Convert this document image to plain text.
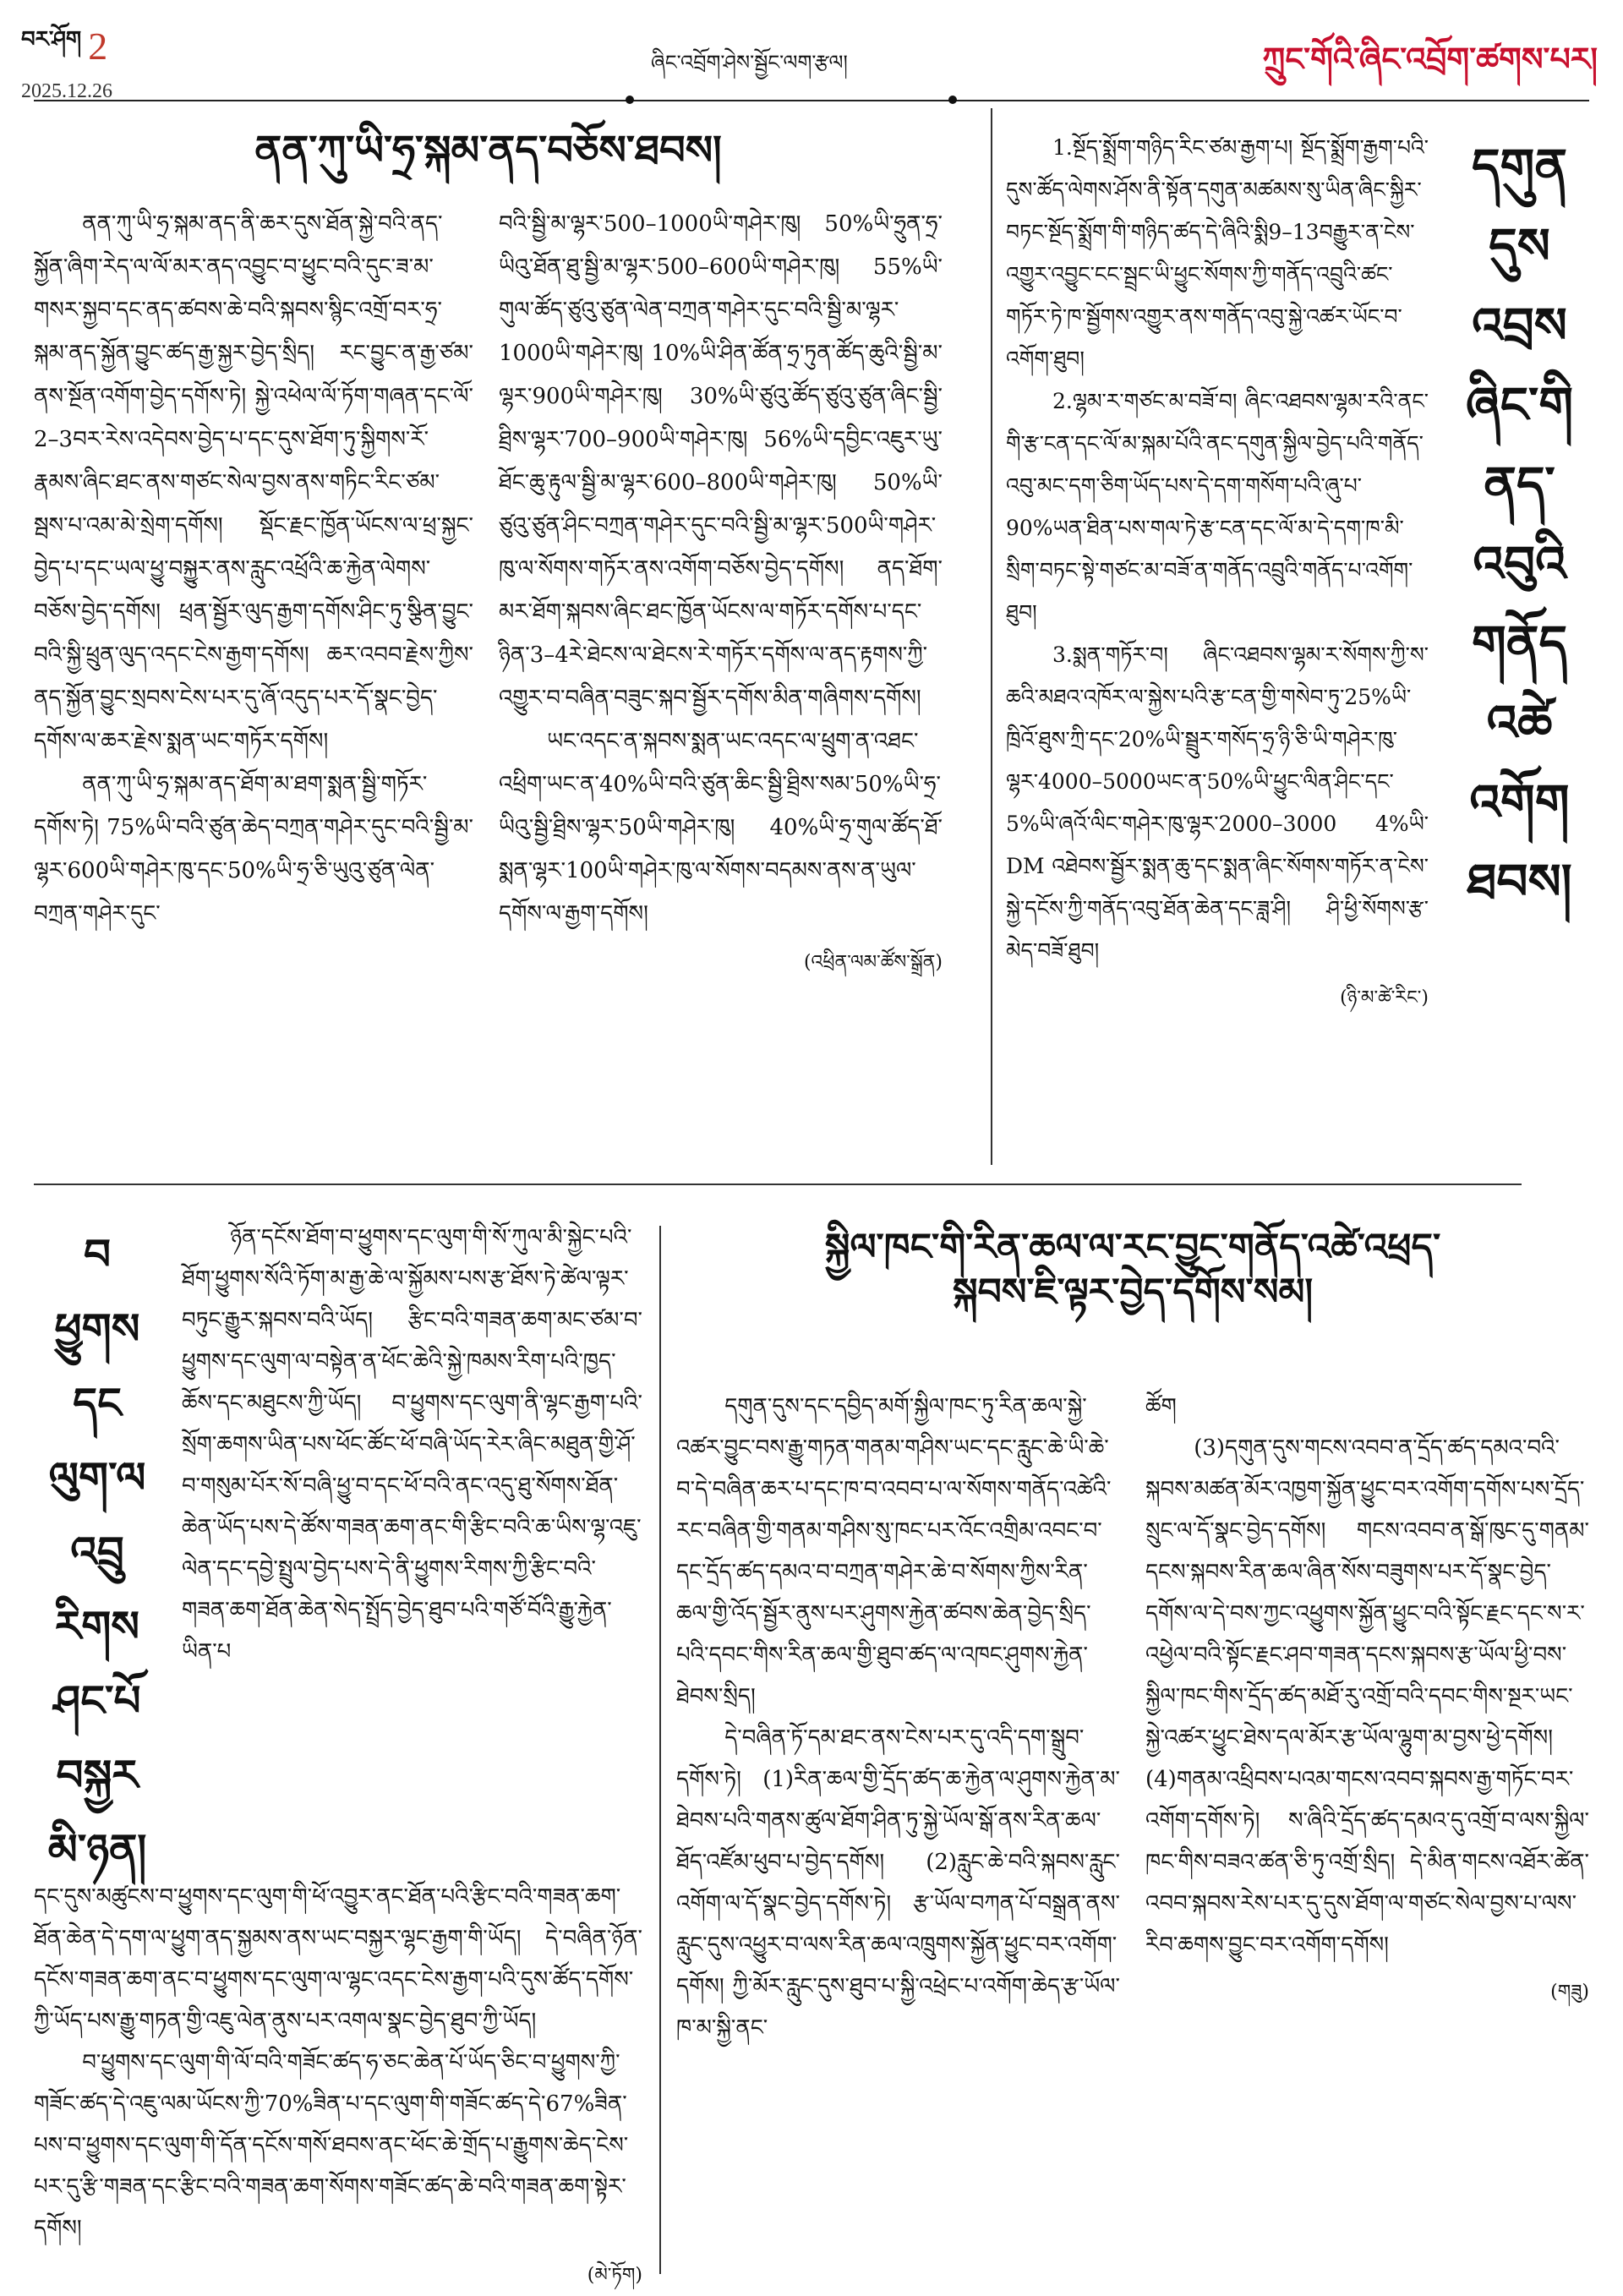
བར་ཤོག 2
2025.12.26
ཞིང་འབྲོག་ཤེས་སྦྱོང་ལག་རྩལ།	ཀྲུང་གོའི་ཞིང་འབྲོག་ཚགས་པར།
ནན་ཀུ་ཡི་ཧྲ་སྐམ་ནད་བཅོས་ཐབས།

ནན་ཀུ་ཡི་ཧྲ་སྐམ་ནད་ནི་ཆར་དུས་ཐོན་སྐྱེ་བའི་ནད་སྐྱོན་ཞིག་རེད་ལ་ལོ་མར་ནད་འབྱུང་བ་ཕྱུང་བའི་དུང་ཟ་མ་གསར་སྐྱབ་དང་ནད་ཚབས་ཆེ་བའི་སྐབས་སྙིང་འགྲོ་བར་ཧྲ་སྐམ་ནད་སྐྱོན་བྱུང་ཚད་རྒྱ་སྐྱར་བྱེད་སྲིད། རང་བྱུང་ན་རྒྱ་ཙམ་ནས་སྔོན་འགོག་བྱེད་དགོས་ཏེ། སྐྱེ་འཕེལ་ལོ་ཏོག་གཞན་དང་ལོ་2–3བར་རེས་འདེབས་བྱེད་པ་དང་དུས་ཐོག་ཏུ་སྐྱིགས་རོ་རྣམས་ཞིང་ཐང་ནས་གཙང་སེལ་བྱས་ནས་གཏིང་རིང་ཙམ་སྦས་པ་འམ་མེ་སྲེག་དགོས། སྡོང་རྗང་ཁྱོན་ཡོངས་ལ་ཕྲ་སྐྱང་བྱེད་པ་དང་ཡལ་ཕྱུ་བསྐྱུར་ནས་རླུང་འཕྲོའི་ཆ་རྐྱེན་ལེགས་བཅོས་བྱེད་དགོས། ཕྲན་སྦྱོར་ལུད་རྒྱག་དགོས་ཤིང་ཏུ་སྩིན་བྱུང་བའི་སྐྱི་ཕྲུན་ལུད་འདང་ངེས་རྒྱག་དགོས། ཆར་འབབ་རྗེས་ཀྱིས་ནད་སྐྱོན་བྱུང་སྲབས་ངེས་པར་དུ་ཞོ་འདུད་པར་དོ་སྣང་བྱེད་དགོས་ལ་ཆར་རྗེས་སྨན་ཡང་གཏོར་དགོས།

ནན་ཀུ་ཡི་ཧྲ་སྐམ་ནད་ཐོག་མ་ཐག་སྨན་སྦྱི་གཏོར་དགོས་ཏེ། 75%ཡི་བའི་ཙུན་ཆེད་བཀྲན་གཤེར་དུང་བའི་སྦྱི་མ་ལྷར་600ཡི་གཤེར་ཁུ་དང་50%ཡི་ཧྲ་ཅི་ཡུའུ་ཙུན་ལེན་བཀྲན་གཤེར་དུང་

བའི་སྦྱི་མ་ལྷར་500–1000ཡི་གཤེར་ཁུ། 50%ཡི་ཧྲུན་ཧྲ་ཡིའུ་ཐོན་ཐུ་སྦྱི་མ་ལྷར་500–600ཡི་གཤེར་ཁུ། 55%ཡི་གུལ་ཚོད་ཙུའུ་ཙུན་ལེན་བཀྲན་གཤེར་དུང་བའི་སྦྱི་མ་ལྷར་1000ཡི་གཤེར་ཁུ། 10%ཡི་ཤིན་ཚོན་ཧྲ་ཏུན་ཚོད་ཆུའི་སྦྱི་མ་ལྷར་900ཡི་གཤེར་ཁུ། 30%ཡི་ཙུའུ་ཚོད་ཙུའུ་ཙུན་ཞིང་སྦྱི་ཐྲིས་ལྷར་700–900ཡི་གཤེར་ཁུ། 56%ཡི་དབྱིང་འཇུར་ཡུ་ཐོང་ཆུ་རྟུལ་སྦྱི་མ་ལྷར་600–800ཡི་གཤེར་ཁུ། 50%ཡི་ཙུའུ་ཙུན་ཤིང་བཀྲན་གཤེར་དུང་བའི་སྦྱི་མ་ལྷར་500ཡི་གཤེར་ཁུ་ལ་སོགས་གཏོར་ནས་འགོག་བཅོས་བྱེད་དགོས། ནད་ཐོག་མར་ཐོག་སྐབས་ཞིང་ཐང་ཁྱོན་ཡོངས་ལ་གཏོར་དགོས་པ་དང་ཉིན་3–4རེ་ཐེངས་ལ་ཐེངས་རེ་གཏོར་དགོས་ལ་ནད་རྟགས་ཀྱི་འགྱུར་བ་བཞིན་བཟུང་སྐབ་སྦྱོར་དགོས་མིན་གཞིགས་དགོས།

ཡང་འདང་ན་སྐབས་སྨན་ཡང་འདང་ལ་ཕྲུག་ན་འཐང་འཕྲིག་ཡང་ན་40%ཡི་བའི་ཙུན་ཆིང་སྦྱི་ཐྲིས་སམ་50%ཡི་ཧྲ་ཡིའུ་སྦྱི་ཐྲིས་ལྷར་50ཡི་གཤེར་ཁུ། 40%ཡི་ཧྲ་གུལ་ཚོད་ཐོ་སྨན་ལྷར་100ཡི་གཤེར་ཁུ་ལ་སོགས་བདམས་ནས་ན་ཡུལ་དགོས་ལ་རྒྱག་དགོས།

(འཕྲིན་ལམ་ཚོས་སྒྲོན)

1.སྔོད་སྨྲོག་གཉིད་རིང་ཙམ་རྒྱག་པ། སྔོད་སྨྲོག་རྒྱག་པའི་དུས་ཚོད་ལེགས་ཤོས་ནི་སྟོན་དགུན་མཚམས་སུ་ཡིན་ཞིང་སྐྱིར་བཏང་སྔོད་སྨྲོག་གི་གཉིད་ཚད་དེ་ཞིའི་སྨི9–13བརྒྱུར་ན་ངེས་འགྱུར་འབྱུང་ངང་སྦྲང་ཡི་ཕྱུང་སོགས་ཀྱི་གནོད་འབྲུའི་ཚང་གཏོར་ཏེ་ཁ་སྦྱོགས་འགྱུར་ནས་གནོད་འབུ་སྐྱེ་འཚར་ཡོང་བ་འགོག་ཐུབ།

2.ལྷམ་ར་གཙང་མ་བཟོ་བ། ཞིང་འཐབས་ལྷམ་རའི་ནང་གི་རྩ་ངན་དང་ལོ་མ་སྐམ་པོའི་ནང་དགུན་སྐྱིལ་བྱེད་པའི་གནོད་འབུ་མང་དག་ཅིག་ཡོད་པས་དེ་དག་གསོག་པའི་ཞུ་པ་90%ཡན་ཐིན་པས་གལ་ཏེ་རྩ་ངན་དང་ལོ་མ་དེ་དག་ཁ་མི་སྲིག་བཏང་སྟེ་གཙང་མ་བཟོ་ན་གནོད་འབྲུའི་གནོད་པ་འགོག་ཐུབ།

3.སྨན་གཏོར་བ། ཞིང་འཐབས་ལྷམ་ར་སོགས་ཀྱི་ས་ཆའི་མཐའ་འཁོར་ལ་སྐྱེས་པའི་རྩ་ངན་གྱི་གསེབ་ཏུ་25%ཡི་ཁྲིའོ་ཐུས་ཀྲི་དང་20%ཡི་སྦྲུར་གསོད་ཧྲ་ཉི་ཅི་ཡི་གཤེར་ཁུ་ལྷར་4000–5000ཡང་ན་50%ཡི་ཕྱུང་ལིན་ཤིང་དང་5%ཡི་ཞའོ་ལིང་གཤེར་ཁུ་ལྷར་2000–3000 4%ཡི་DM འཐེབས་སྦྱོར་སྨན་ཆུ་དང་སྨན་ཞིང་སོགས་གཏོར་ན་ངེས་སྐྱེ་དངོས་ཀྱི་གནོད་འབུ་ཐོན་ཆེན་དང་ཟླ་ཤི། ཤི་ཕྱི་སོགས་རྩ་མེད་བཟོ་ཐུབ།

(ཉི་མ་ཚེ་རིང་)
དགུན
དུས
འབྲས
ཞིང་གི
ནད་འབུའི
གནོད
འཚེ
འགོག
ཐབས།
བ
ཕྱུགས
དང
ལུག་ལ
འབྲུ
རིགས
ཤང་པོ
བསྐྱར
མི་ཉན།

ཉོན་དངོས་ཐོག་བ་ཕྱུགས་དང་ལུག་གི་སོ་ཀུལ་མི་སྐྱེང་པའི་ཐོག་ཕྱུགས་སོའི་ཏོག་མ་རྒྱ་ཆེ་ལ་སྐྱོམས་པས་རྩ་ཐོས་ཏེ་ཚེལ་ལྟར་བཏུང་རྒྱུར་སྐབས་བའི་ཡོད། རྩིང་བའི་གཟན་ཆག་མང་ཙམ་བ་ཕྱུགས་དང་ལུག་ལ་བསྟེན་ན་ཕོང་ཆེའི་སྐྱེ་ཁམས་རིག་པའི་ཁྱད་ཆོས་དང་མཐུངས་ཀྱི་ཡོད། བ་ཕྱུགས་དང་ལུག་ནི་ལྷང་རྒྱག་པའི་སྲོག་ཆགས་ཡིན་པས་ཕོང་ཚོང་ཕོ་བཞི་ཡོད་རེར་ཞིང་མཐུན་གྱི་ཤོ་བ་གསུམ་པོར་སོ་བཞི་ཕྱུ་བ་དང་ཕོ་བའི་ནང་འདུ་ཐུ་སོགས་ཐོན་ཆེན་ཡོད་པས་དེ་ཚོས་གཟན་ཆག་ནང་གི་རྩིང་བའི་ཆ་ཡིས་ལྷ་འཇུ་ལེན་དང་དབྱེ་སྤྲུལ་བྱེད་པས་དེ་ནི་ཕྱུགས་རིགས་ཀྱི་རྩིང་བའི་གཟན་ཆག་ཐོན་ཆེན་སེད་སྤྲོད་བྱེད་ཐུབ་པའི་གཙོ་བོའི་རྒྱུ་རྐྱེན་ཡིན་པ

དང་དུས་མཚུངས་བ་ཕྱུགས་དང་ལུག་གི་ཕོ་འབྱུར་ནང་ཐོན་པའི་རྩིང་བའི་གཟན་ཆག་ཐོན་ཆེན་དེ་དག་ལ་ཕྱུག་ནད་སྐྱམས་ནས་ཡང་བསྐྱར་ལྷང་རྒྱག་གི་ཡོད། དེ་བཞིན་ཉོན་དངོས་གཟན་ཆག་ནང་བ་ཕྱུགས་དང་ལུག་ལ་ལྷང་འདང་ངེས་རྒྱག་པའི་དུས་ཚོད་དགོས་ཀྱི་ཡོད་པས་རྒྱུ་གཏན་གྱི་འཇུ་ལེན་ནུས་པར་འགལ་སྣང་བྱེད་ཐུབ་ཀྱི་ཡོད།

བ་ཕྱུགས་དང་ལུག་གི་ལོ་བའི་གཟོང་ཚད་ཧ་ཅང་ཆེན་པོ་ཡོད་ཅིང་བ་ཕྱུགས་ཀྱི་གཟོང་ཚད་དེ་འཇུ་ལམ་ཡོངས་ཀྱི་70%ཟིན་པ་དང་ལུག་གི་གཟོང་ཚད་དེ་67%ཟིན་པས་བ་ཕྱུགས་དང་ལུག་གི་དོན་དངོས་གསོ་ཐབས་ནང་ཕོང་ཆེ་གྲོད་པ་རྒྱུགས་ཆེད་ངེས་པར་དུ་རྩི་གཟན་དང་རྩིང་བའི་གཟན་ཆག་སོགས་གཟོང་ཚད་ཆེ་བའི་གཟན་ཆག་སྟེར་དགོས།

(མེ་ཏོག)
སྐྱིལ་ཁང་གི་རིན་ཆལ་ལ་རང་བྱུང་གནོད་འཚེ་འཕྲད་
སྐབས་ཇི་ལྟར་བྱེད་དགོས་སམ།

དགུན་དུས་དང་དབྱིད་མགོ་སྐྱིལ་ཁང་ཏུ་རིན་ཆལ་སྐྱེ་འཚར་བྱུང་བས་རྒྱུ་གཏན་གནམ་གཤིས་ཡང་དང་རླུང་ཆེ་ཡི་ཆེ་བ་དེ་བཞིན་ཆར་པ་དང་ཁ་བ་འབབ་པ་ལ་སོགས་གནོད་འཚེའི་རང་བཞིན་གྱི་གནམ་གཤིས་སུ་ཁང་པར་འོང་འགྲིམ་འབང་བ་དང་དྲོད་ཚད་དམའ་བ་བཀྲན་གཤེར་ཆེ་བ་སོགས་ཀྱིས་རིན་ཆལ་གྱི་འོད་སྦྱོར་ནུས་པར་ཤུགས་རྐྱེན་ཚབས་ཆེན་བྱེད་སྲིད་པའི་དབང་གིས་རིན་ཆལ་གྱི་ཐུབ་ཚད་ལ་འཁང་ཤུགས་རྐྱེན་ཐེབས་སྲིད།

དེ་བཞིན་ཏོ་དམ་ཐང་ནས་ངེས་པར་དུ་འདི་དག་སྒྲུབ་དགོས་ཏེ། (1)རིན་ཆལ་གྱི་དྲོད་ཚད་ཆ་རྐྱེན་ལ་ཤུགས་རྐྱེན་མ་ཐེབས་པའི་གནས་ཚུལ་ཐོག་ཤིན་ཏུ་སྐྱེ་ཡོལ་སྒོ་ནས་རིན་ཆལ་ཐོད་འཛོམ་ཕུབ་པ་བྱེད་དགོས། (2)རླུང་ཆེ་བའི་སྐབས་རླུང་འགོག་ལ་དོ་སྣང་བྱེད་དགོས་ཏེ། རྩ་ཡོལ་བཀན་པོ་བསྒྲན་ནས་རླུང་དུས་འཕྱུར་བ་ལས་རིན་ཆལ་འཁྲུགས་སྐྱོན་ཕྱུང་བར་འགོག་དགོས། ཀྱི་མོར་རླུང་དུས་ཐུབ་པ་སྐྱི་འཕྲེང་པ་འགོག་ཆེད་རྩ་ཡོལ་ཁ་མ་སྐྱི་ནང་

ཚོག

(3)དགུན་དུས་གངས་འབབ་ན་དྲོད་ཚད་དམའ་བའི་སྐབས་མཚན་མོར་འཁྱག་སྐྱོན་ཕྱུང་བར་འགོག་དགོས་པས་དྲོད་སྲུང་ལ་དོ་སྣང་བྱེད་དགོས། གངས་འབབ་ན་སྒོ་ཁུང་དུ་གནམ་དངས་སྐབས་རིན་ཆལ་ཞིན་སོས་བཟུགས་པར་དོ་སྣང་བྱེད་དགོས་ལ་དེ་བས་ཀྱང་འཕྱུགས་སྐྱོན་ཕྱུང་བའི་སྟོང་རྗང་དང་ས་ར་འཕྱེལ་བའི་སྟོང་རྗང་ཤབ་གཟན་དངས་སྐབས་རྩ་ཡོལ་ཕྱི་བས་སྐྱིལ་ཁང་གིས་དྲོད་ཚད་མཐོ་རུ་འགྲོ་བའི་དབང་གིས་སྔར་ཡང་སྐྱེ་འཚར་ཕྱུང་ཐེས་དལ་མོར་རྩ་ཡོལ་ལྷུག་མ་བྱས་ཕྱེ་དགོས། (4)གནམ་འཕྲིབས་པའམ་གངས་འབབ་སྐབས་རྒྱ་གཏོང་བར་འགོག་དགོས་ཏེ། ས་ཞིའི་དྲོད་ཚད་དམའ་དུ་འགྲོ་བ་ལས་སྐྱིལ་ཁང་གིས་བཟའ་ཚན་ཅི་ཏུ་འགྲོ་སྲིད། དེ་མིན་གངས་འཐོར་ཚེན་འབབ་སྐབས་རེས་པར་དུ་དུས་ཐོག་ལ་གཙང་སེལ་བྱས་པ་ལས་རིབ་ཆགས་བྱུང་བར་འགོག་དགོས།

(གཟུ)
